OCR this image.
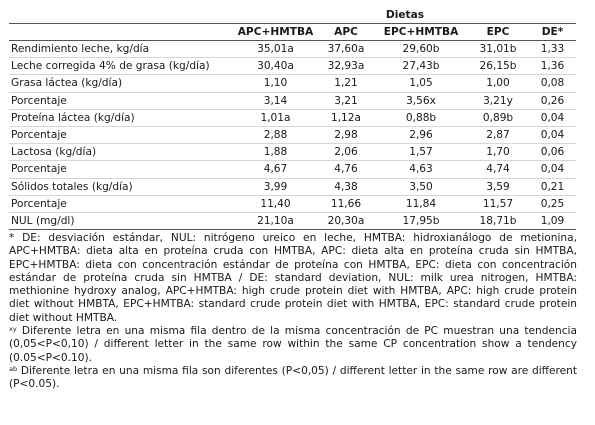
	Dietas				
	APC+HMTBA	APC	EPC+HMTBA	EPC	DE*
Rendimiento leche, kg/día	35,01a	37,60a	29,60b	31,01b	1,33
Leche corregida 4% de grasa (kg/día)	30,40a	32,93a	27,43b	26,15b	1,36
Grasa láctea (kg/día)	1,10	1,21	1,05	1,00	0,08
Porcentaje	3,14	3,21	3,56x	3,21y	0,26
Proteína láctea (kg/día)	1,01a	1,12a	0,88b	0,89b	0,04
Porcentaje	2,88	2,98	2,96	2,87	0,04
Lactosa (kg/día)	1,88	2,06	1,57	1,70	0,06
Porcentaje	4,67	4,76	4,63	4,74	0,04
Sólidos totales (kg/día)	3,99	4,38	3,50	3,59	0,21
Porcentaje	11,40	11,66	11,84	11,57	0,25
NUL (mg/dl)	21,10a	20,30a	17,95b	18,71b	1,09

* DE: desviación estándar, NUL: nitrógeno ureico en leche, HMTBA: hidroxianálogo de metionina, APC+HMTBA: dieta alta en proteína cruda con HMTBA, APC: dieta alta en proteína cruda sin HMTBA, EPC+HMTBA: dieta con concentración estándar de proteína con HMTBA, EPC: dieta con concentración estándar de proteína cruda sin HMTBA / DE: standard deviation, NUL: milk urea nitrogen, HMTBA: methionine hydroxy analog, APC+HMTBA: high crude protein diet with HMTBA, APC: high crude protein diet without HMBTA, EPC+HMTBA: standard crude protein diet with HMTBA, EPC: standard crude protein diet without HMTBA.

$^{xy}$ Diferente letra en una misma fila dentro de la misma concentración de PC muestran una tendencia (0,05<P<0,10) / different letter in the same row within the same CP concentration show a tendency (0.05<P<0.10).

$^{ab}$ Diferente letra en una misma fila son diferentes (P<0,05) / different letter in the same row are different (P<0.05).
